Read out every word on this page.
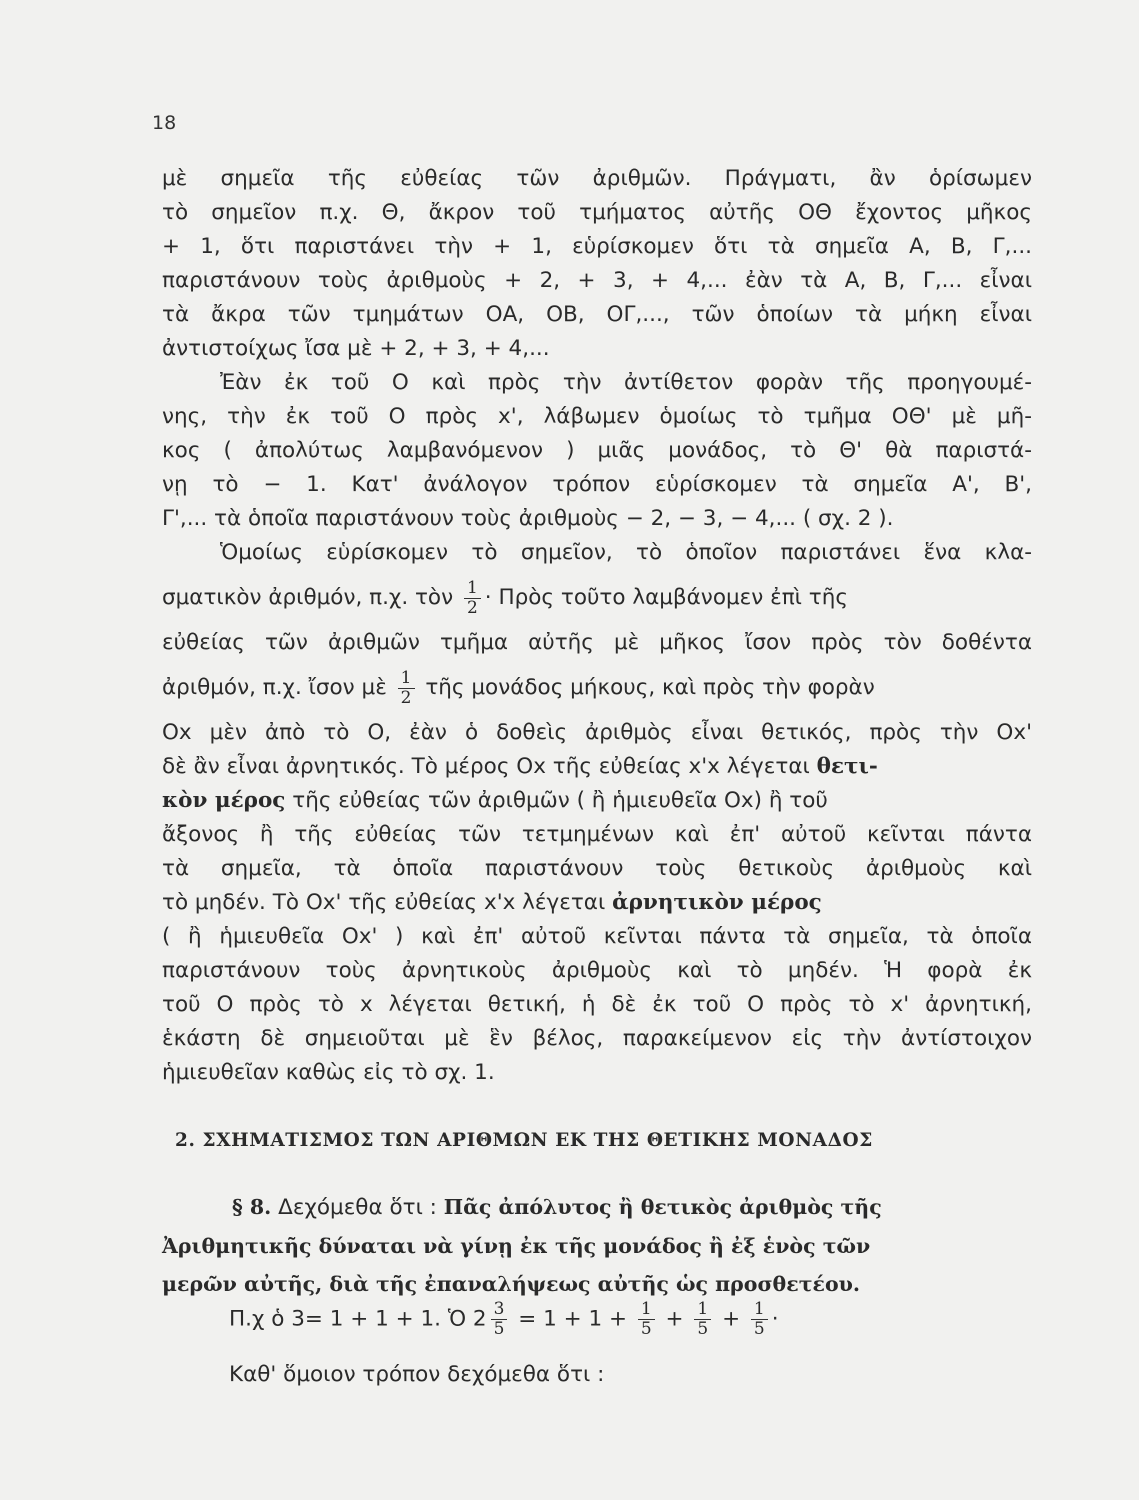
18
μὲ σημεῖα τῆς εὐθείας τῶν ἀριθμῶν. Πράγματι, ἂν ὁρίσωμεν
τὸ σημεῖον π.χ. Θ, ἄκρον τοῦ τμήματος αὐτῆς ΟΘ ἔχοντος μῆκος
+ 1, ὅτι παριστάνει τὴν + 1, εὑρίσκομεν ὅτι τὰ σημεῖα Α, Β, Γ,...
παριστάνουν τοὺς ἀριθμοὺς + 2, + 3, + 4,... ἐὰν τὰ Α, Β, Γ,... εἶναι
τὰ ἄκρα τῶν τμημάτων ΟΑ, ΟΒ, ΟΓ,..., τῶν ὁποίων τὰ μήκη εἶναι
ἀντιστοίχως ἴσα μὲ + 2, + 3, + 4,...
Ἐὰν ἐκ τοῦ Ο καὶ πρὸς τὴν ἀντίθετον φορὰν τῆς προηγουμέ-
νης, τὴν ἐκ τοῦ Ο πρὸς x', λάβωμεν ὁμοίως τὸ τμῆμα ΟΘ' μὲ μῆ-
κος ( ἀπολύτως λαμβανόμενον ) μιᾶς μονάδος, τὸ Θ' θὰ παριστά-
νῃ τὸ − 1. Κατ' ἀνάλογον τρόπον εὑρίσκομεν τὰ σημεῖα Α', Β',
Γ',... τὰ ὁποῖα παριστάνουν τοὺς ἀριθμοὺς − 2, − 3, − 4,... ( σχ. 2 ).
Ὁμοίως εὑρίσκομεν τὸ σημεῖον, τὸ ὁποῖον παριστάνει ἕνα κλα-
σματικὸν ἀριθμόν, π.χ. τὸν $\frac{1}{2}$ · Πρὸς τοῦτο λαμβάνομεν ἐπὶ τῆς
εὐθείας τῶν ἀριθμῶν τμῆμα αὐτῆς μὲ μῆκος ἴσον πρὸς τὸν δοθέντα
ἀριθμόν, π.χ. ἴσον μὲ $\frac{1}{2}$ τῆς μονάδος μήκους, καὶ πρὸς τὴν φορὰν
Οx μὲν ἀπὸ τὸ Ο, ἐὰν ὁ δοθεὶς ἀριθμὸς εἶναι θετικός, πρὸς τὴν Οx'
δὲ ἂν εἶναι ἀρνητικός. Τὸ μέρος Οx τῆς εὐθείας x'x λέγεται θετι-
κὸν μέρος τῆς εὐθείας τῶν ἀριθμῶν ( ἢ ἡμιευθεῖα Οx) ἢ τοῦ
ἄξονος ἢ τῆς εὐθείας τῶν τετμημένων καὶ ἐπ' αὐτοῦ κεῖνται πάντα
τὰ σημεῖα, τὰ ὁποῖα παριστάνουν τοὺς θετικοὺς ἀριθμοὺς καὶ
τὸ μηδέν. Τὸ Οx' τῆς εὐθείας x'x λέγεται ἀρνητικὸν μέρος
( ἢ ἡμιευθεῖα Οx' ) καὶ ἐπ' αὐτοῦ κεῖνται πάντα τὰ σημεῖα, τὰ ὁποῖα
παριστάνουν τοὺς ἀρνητικοὺς ἀριθμοὺς καὶ τὸ μηδέν. Ἡ φορὰ ἐκ
τοῦ Ο πρὸς τὸ x λέγεται θετική, ἡ δὲ ἐκ τοῦ Ο πρὸς τὸ x' ἀρνητική,
ἑκάστη δὲ σημειοῦται μὲ ἓν βέλος, παρακείμενον εἰς τὴν ἀντίστοιχον
ἡμιευθεῖαν καθὼς εἰς τὸ σχ. 1.
2. ΣΧΗΜΑΤΙΣΜΟΣ ΤΩΝ ΑΡΙΘΜΩΝ ΕΚ ΤΗΣ ΘΕΤΙΚΗΣ ΜΟΝΑΔΟΣ
§ 8. Δεχόμεθα ὅτι : Πᾶς ἀπόλυτος ἢ θετικὸς ἀριθμὸς τῆς
Ἀριθμητικῆς δύναται νὰ γίνῃ ἐκ τῆς μονάδος ἢ ἐξ ἑνὸς τῶν
μερῶν αὐτῆς, διὰ τῆς ἐπαναλήψεως αὐτῆς ὡς προσθετέου.
Π.χ ὁ 3= 1 + 1 + 1. Ὁ $2 \frac{3}{5} = 1 + 1 + \frac{1}{5} + \frac{1}{5} + \frac{1}{5}$ ·
Καθ' ὅμοιον τρόπον δεχόμεθα ὅτι :
